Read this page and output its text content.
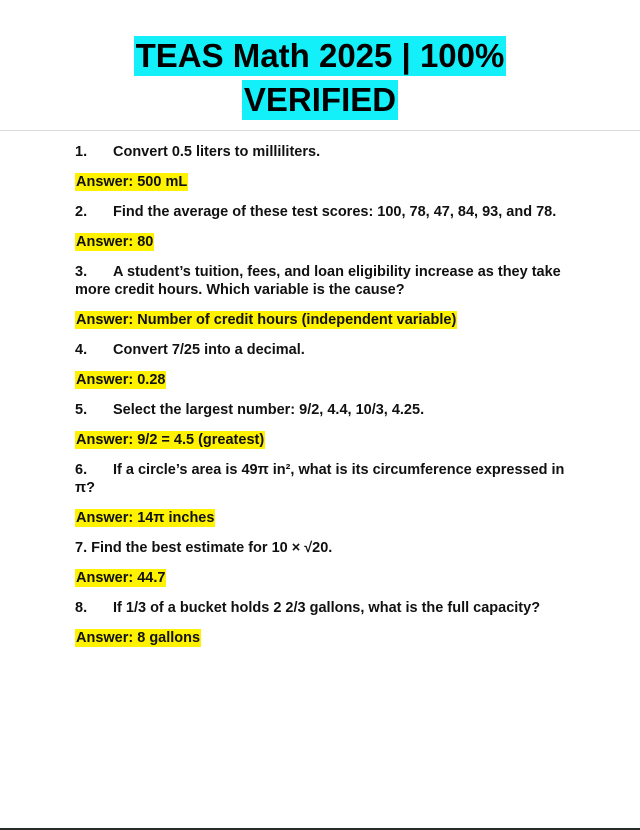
TEAS Math 2025 | 100%
VERIFIED
1. Convert 0.5 liters to milliliters.
Answer: 500 mL
2. Find the average of these test scores: 100, 78, 47, 84, 93, and 78.
Answer: 80
3. A student’s tuition, fees, and loan eligibility increase as they take more credit hours. Which variable is the cause?
Answer: Number of credit hours (independent variable)
4. Convert 7/25 into a decimal.
Answer: 0.28
5. Select the largest number: 9/2, 4.4, 10/3, 4.25.
Answer: 9/2 = 4.5 (greatest)
6. If a circle’s area is 49π in², what is its circumference expressed in π?
Answer: 14π inches
7. Find the best estimate for 10 × √20.
Answer: 44.7
8. If 1/3 of a bucket holds 2 2/3 gallons, what is the full capacity?
Answer: 8 gallons
